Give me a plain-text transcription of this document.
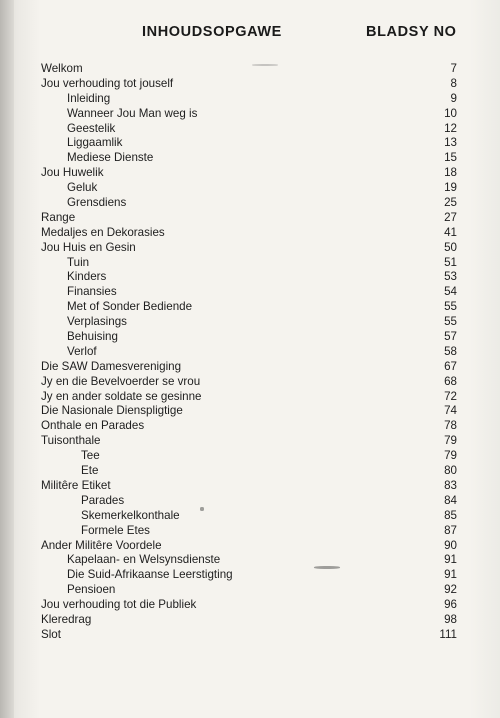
INHOUDSOPGAWE	BLADSY NO
Welkom	7
Jou verhouding tot jouself	8
Inleiding	9
Wanneer Jou Man weg is	10
Geestelik	12
Liggaamlik	13
Mediese Dienste	15
Jou Huwelik	18
Geluk	19
Grensdiens	25
Range	27
Medaljes en Dekorasies	41
Jou Huis en Gesin	50
Tuin	51
Kinders	53
Finansies	54
Met of Sonder Bediende	55
Verplasings	55
Behuising	57
Verlof	58
Die SAW Damesvereniging	67
Jy en die Bevelvoerder se vrou	68
Jy en ander soldate se gesinne	72
Die Nasionale Dienspligtige	74
Onthale en Parades	78
Tuisonthale	79
Tee	79
Ete	80
Militêre Etiket	83
Parades	84
Skemerkelkonthale	85
Formele Etes	87
Ander Militêre Voordele	90
Kapelaan- en Welsynsdienste	91
Die Suid-Afrikaanse Leerstigting	91
Pensioen	92
Jou verhouding tot die Publiek	96
Kleredrag	98
Slot	111
